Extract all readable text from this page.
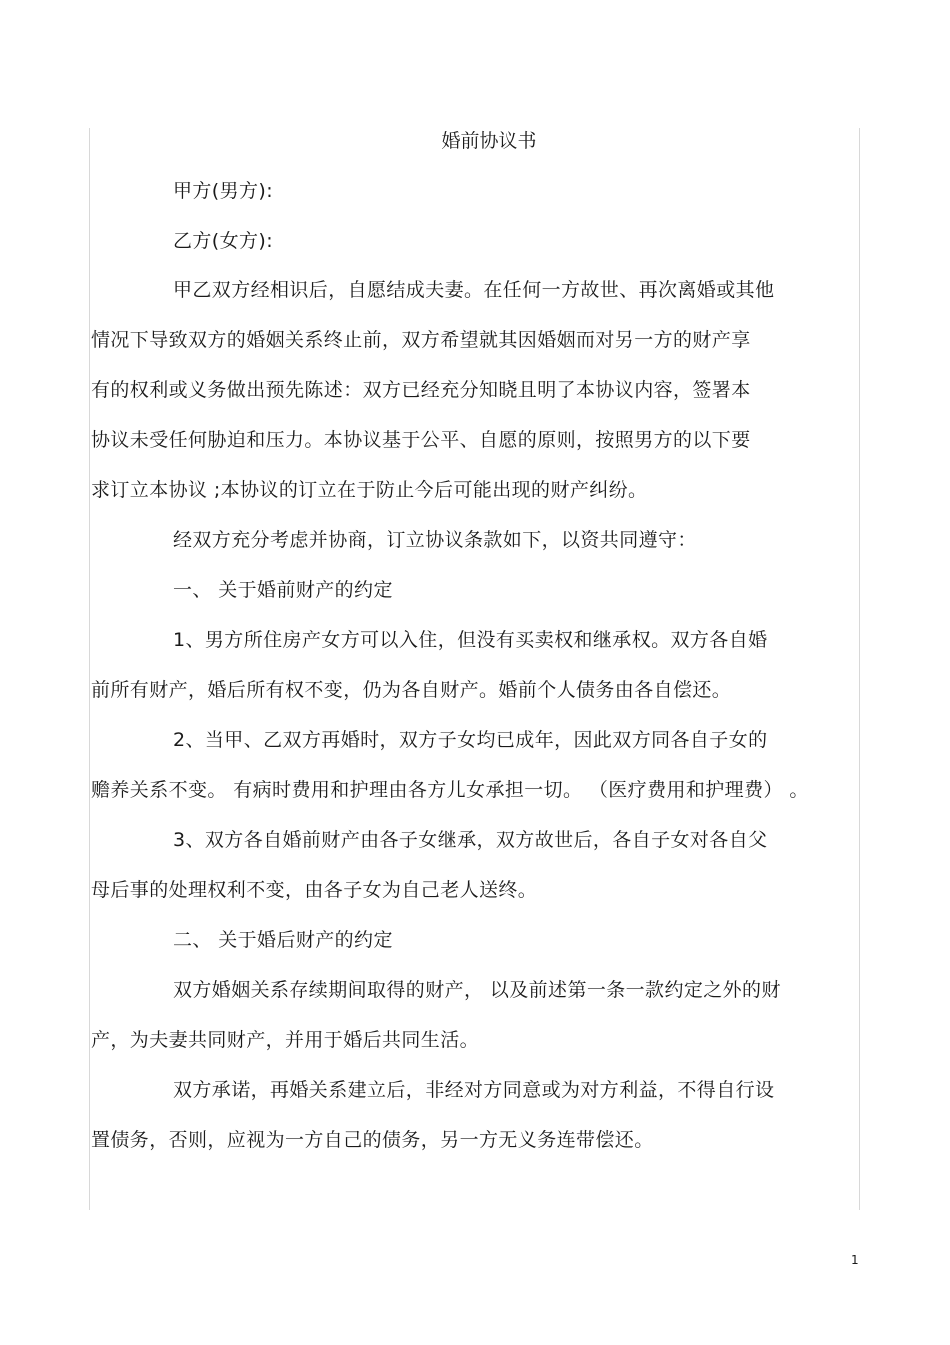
婚前协议书
甲方(男方):
乙方(女方):
甲乙双方经相识后，自愿结成夫妻。在任何一方故世、再次离婚或其他
情况下导致双方的婚姻关系终止前，双方希望就其因婚姻而对另一方的财产享
有的权利或义务做出预先陈述：双方已经充分知晓且明了本协议内容，签署本
协议未受任何胁迫和压力。本协议基于公平、自愿的原则，按照男方的以下要
求订立本协议 ;本协议的订立在于防止今后可能出现的财产纠纷。
经双方充分考虑并协商，订立协议条款如下，以资共同遵守：
一、 关于婚前财产的约定
1、男方所住房产女方可以入住，但没有买卖权和继承权。双方各自婚
前所有财产，婚后所有权不变，仍为各自财产。婚前个人债务由各自偿还。
2、当甲、乙双方再婚时，双方子女均已成年，因此双方同各自子女的
赡养关系不变。 有病时费用和护理由各方儿女承担一切。 （医疗费用和护理费） 。
3、双方各自婚前财产由各子女继承，双方故世后，各自子女对各自父
母后事的处理权利不变，由各子女为自己老人送终。
二、 关于婚后财产的约定
双方婚姻关系存续期间取得的财产， 以及前述第一条一款约定之外的财
产，为夫妻共同财产，并用于婚后共同生活。
双方承诺，再婚关系建立后，非经对方同意或为对方利益，不得自行设
置债务，否则，应视为一方自己的债务，另一方无义务连带偿还。
1
